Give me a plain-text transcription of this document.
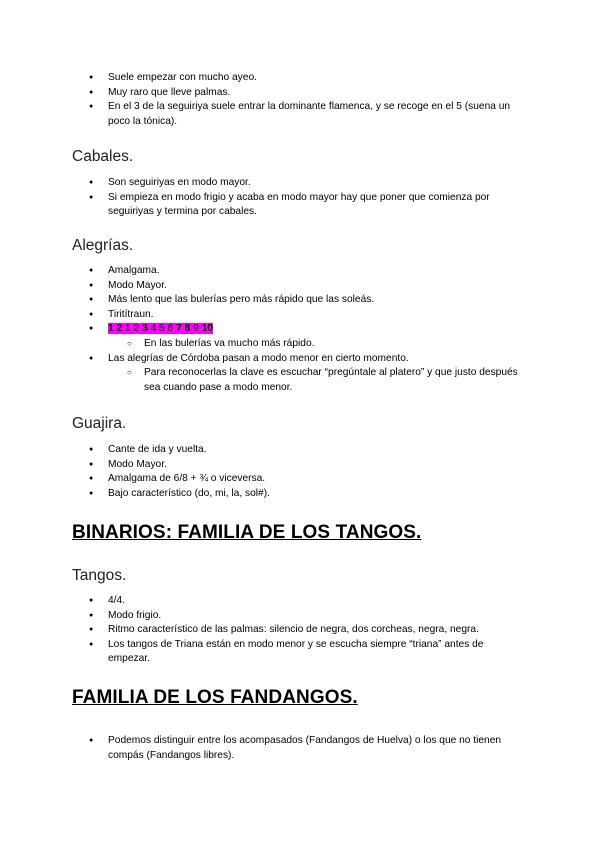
● Suele empezar con mucho ayeo.
● Muy raro que lleve palmas.
● En el 3 de la seguiriya suele entrar la dominante flamenca, y se recoge en el 5 (suena un poco la tónica).
Cabales.
● Son seguiriyas en modo mayor.
● Si empieza en modo frigio y acaba en modo mayor hay que poner que comienza por seguiriyas y termina por cabales.
Alegrías.
● Amalgama.
● Modo Mayor.
● Más lento que las bulerías pero más rápido que las soleás.
● Tiritítraun.
● 1 2 1 2 3 4 5 6 7 8 9 10
○ En las bulerías va mucho más rápido.
● Las alegrías de Córdoba pasan a modo menor en cierto momento.
○ Para reconocerlas la clave es escuchar “pregúntale al platero” y que justo después sea cuando pase a modo menor.
Guajira.
● Cante de ida y vuelta.
● Modo Mayor.
● Amalgama de 6/8 + ¾ o viceversa.
● Bajo característico (do, mi, la, sol#).
BINARIOS: FAMILIA DE LOS TANGOS.
Tangos.
● 4/4.
● Modo frigio.
● Ritmo característico de las palmas: silencio de negra, dos corcheas, negra, negra.
● Los tangos de Triana están en modo menor y se escucha siempre “triana” antes de empezar.
FAMILIA DE LOS FANDANGOS.
● Podemos distinguir entre los acompasados (Fandangos de Huelva) o los que no tienen compás (Fandangos libres).
